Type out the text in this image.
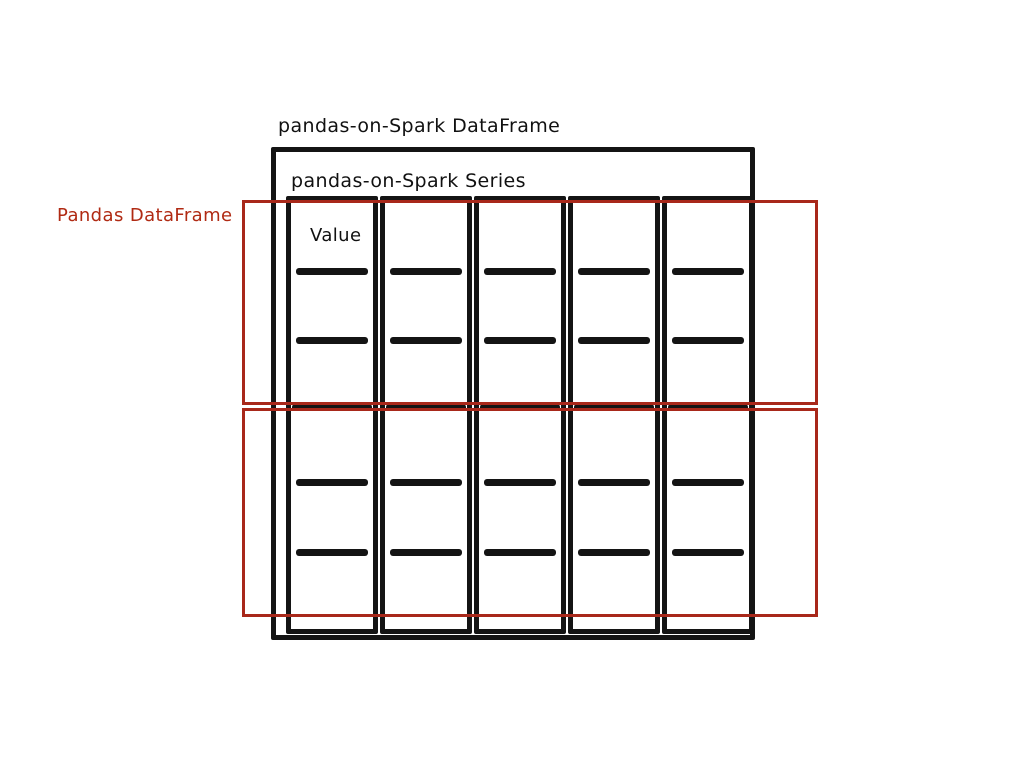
pandas-on-Spark DataFrame
pandas-on-Spark Series
Pandas DataFrame
Value
